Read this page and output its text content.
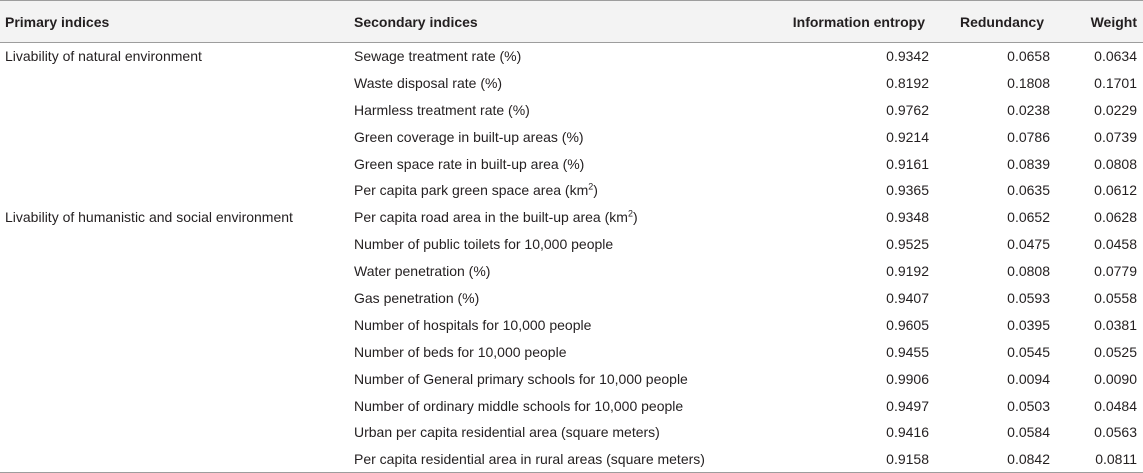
Primary indices	Secondary indices	Information entropy	Redundancy	Weight
Livability of natural environment	Sewage treatment rate (%)	0.9342	0.0658	0.0634
	Waste disposal rate (%)	0.8192	0.1808	0.1701
	Harmless treatment rate (%)	0.9762	0.0238	0.0229
	Green coverage in built-up areas (%)	0.9214	0.0786	0.0739
	Green space rate in built-up area (%)	0.9161	0.0839	0.0808
	Per capita park green space area $(km^2)$	0.9365	0.0635	0.0612
Livability of humanistic and social environment	Per capita road area in the built-up area $(km^2)$	0.9348	0.0652	0.0628
	Number of public toilets for 10,000 people	0.9525	0.0475	0.0458
	Water penetration (%)	0.9192	0.0808	0.0779
	Gas penetration (%)	0.9407	0.0593	0.0558
	Number of hospitals for 10,000 people	0.9605	0.0395	0.0381
	Number of beds for 10,000 people	0.9455	0.0545	0.0525
	Number of General primary schools for 10,000 people	0.9906	0.0094	0.0090
	Number of ordinary middle schools for 10,000 people	0.9497	0.0503	0.0484
	Urban per capita residential area (square meters)	0.9416	0.0584	0.0563
	Per capita residential area in rural areas (square meters)	0.9158	0.0842	0.0811
